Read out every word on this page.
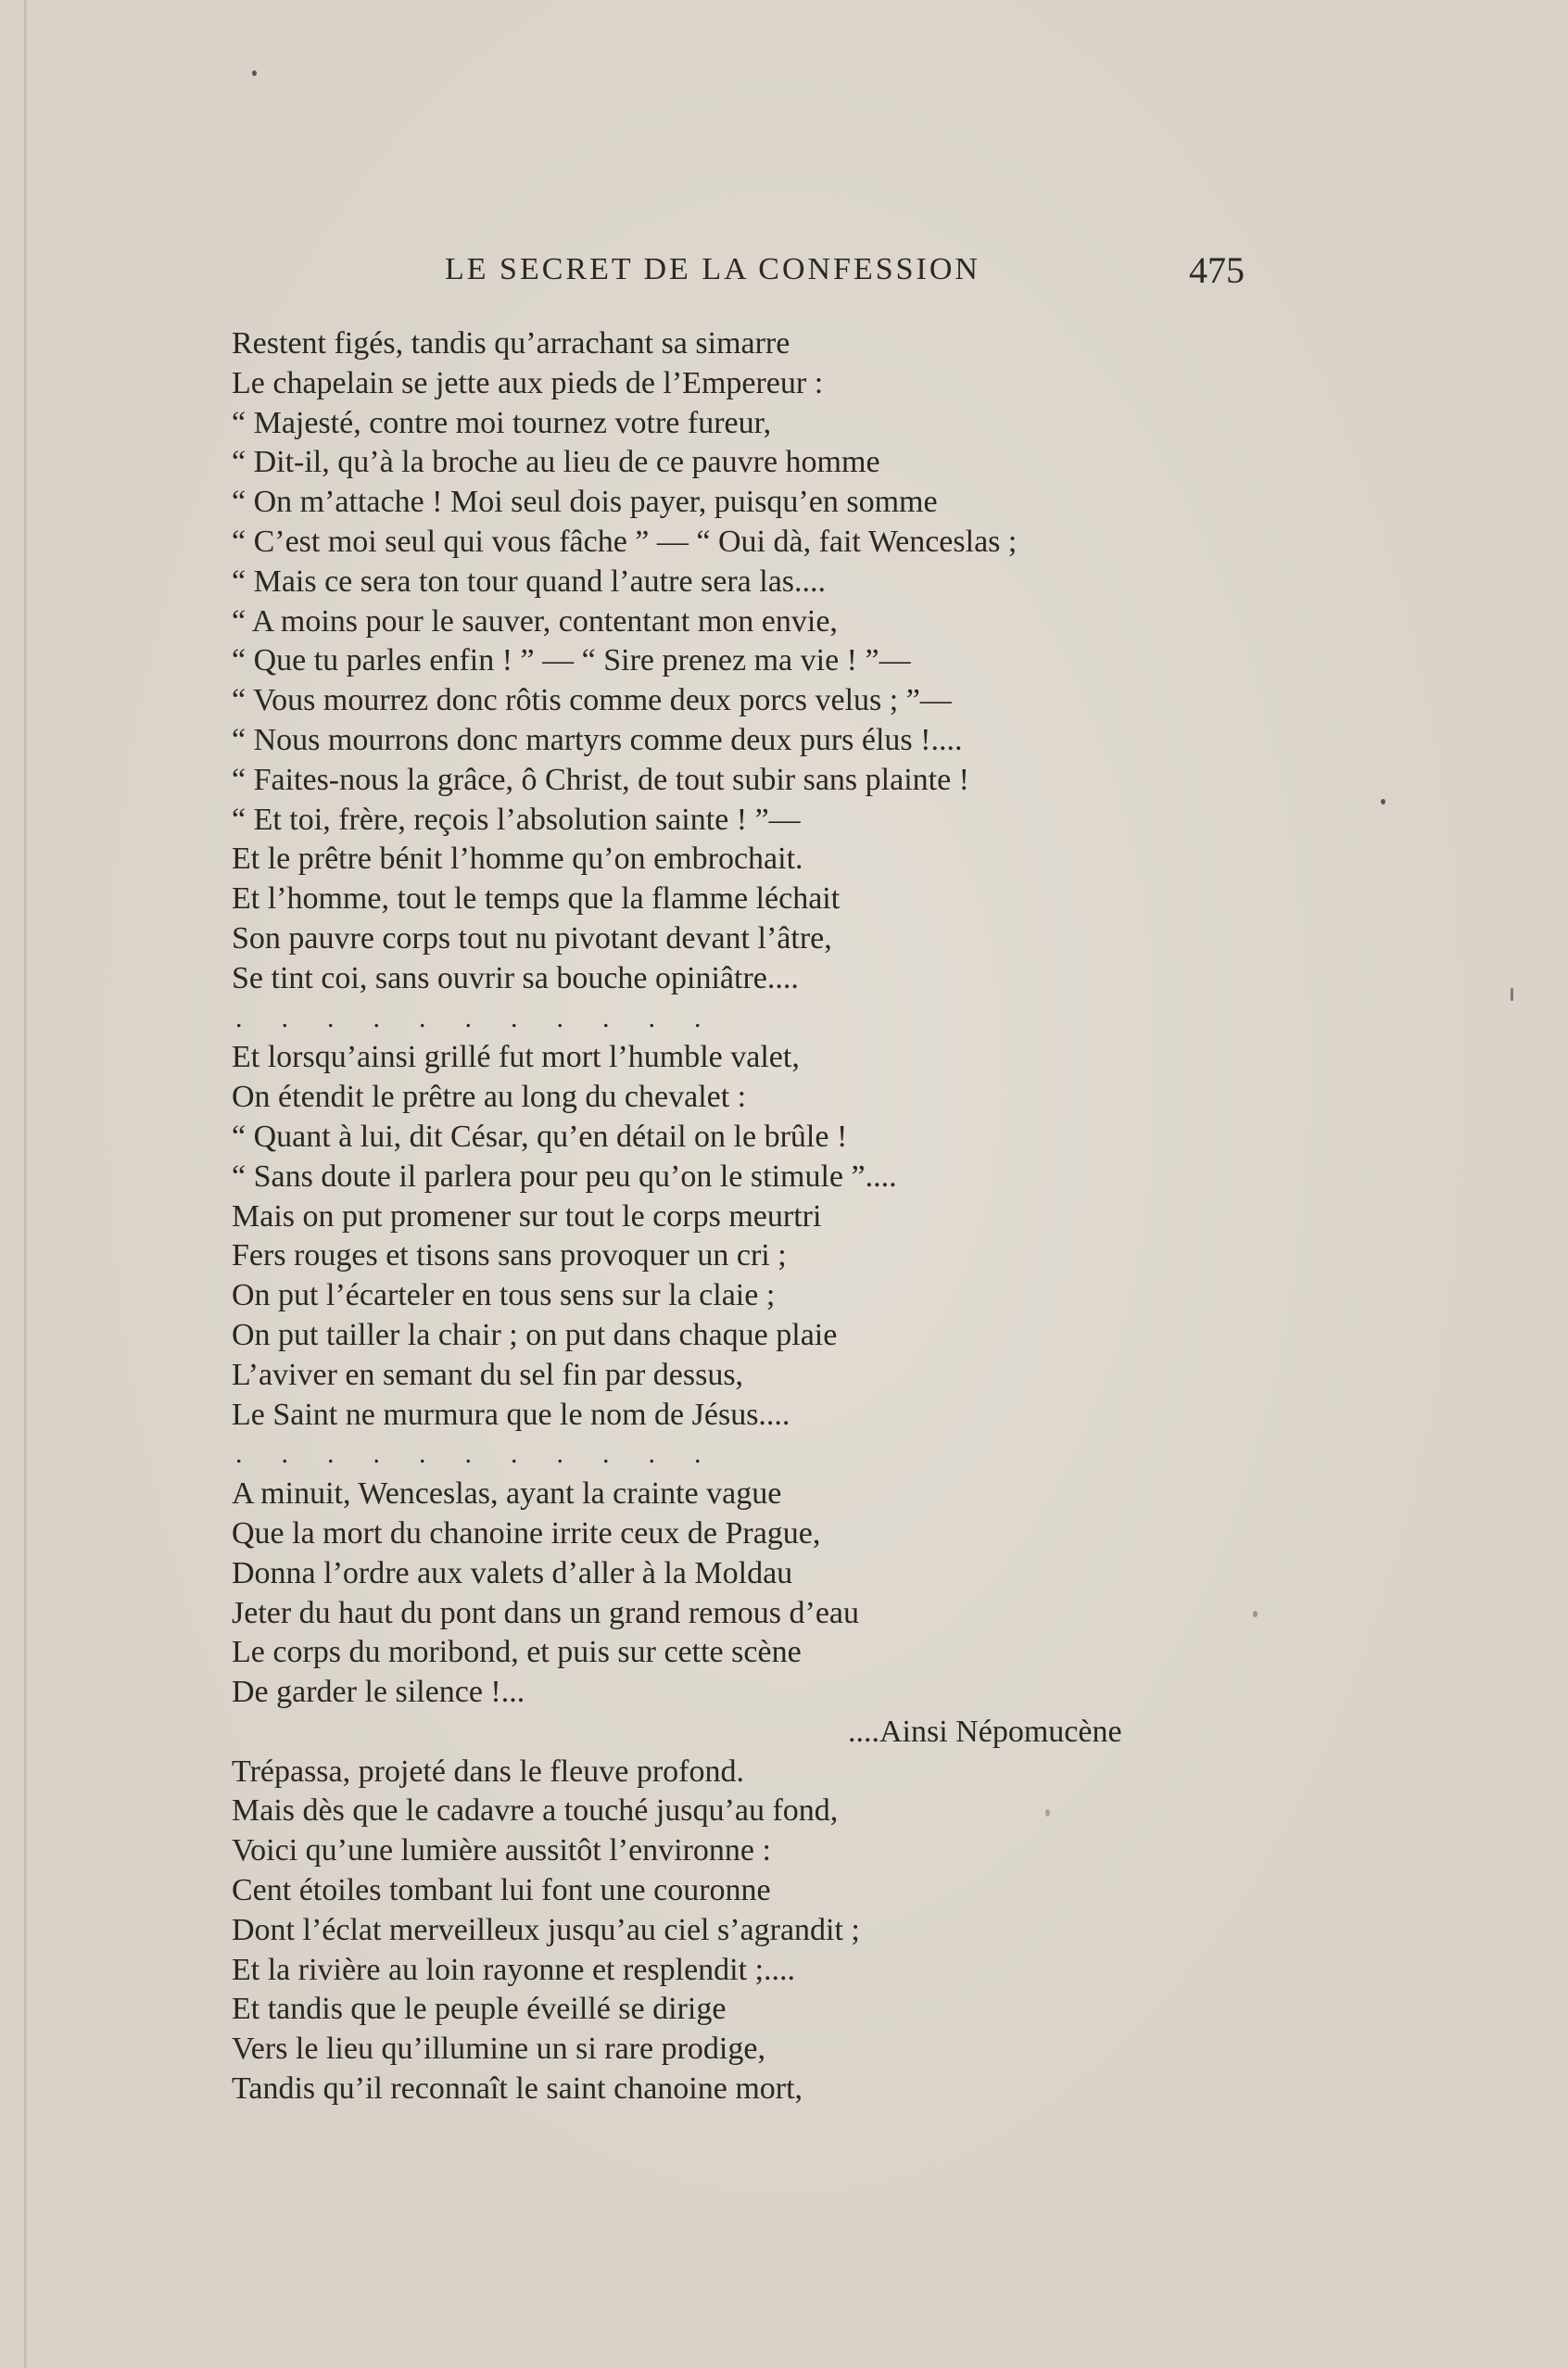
LE SECRET DE LA CONFESSION	475
Restent figés, tandis qu’arrachant sa simarre
Le chapelain se jette aux pieds de l’Empereur :
“ Majesté, contre moi tournez votre fureur,
“ Dit-il, qu’à la broche au lieu de ce pauvre homme
“ On m’attache ! Moi seul dois payer, puisqu’en somme
“ C’est moi seul qui vous fâche ” — “ Oui dà, fait Wenceslas ;
“ Mais ce sera ton tour quand l’autre sera las....
“ A moins pour le sauver, contentant mon envie,
“ Que tu parles enfin ! ” — “ Sire prenez ma vie ! ”—
“ Vous mourrez donc rôtis comme deux porcs velus ; ”—
“ Nous mourrons donc martyrs comme deux purs élus !....
“ Faites-nous la grâce, ô Christ, de tout subir sans plainte !
“ Et toi, frère, reçois l’absolution sainte ! ”—
Et le prêtre bénit l’homme qu’on embrochait.
Et l’homme, tout le temps que la flamme léchait
Son pauvre corps tout nu pivotant devant l’âtre,
Se tint coi, sans ouvrir sa bouche opiniâtre....
...........
Et lorsqu’ainsi grillé fut mort l’humble valet,
On étendit le prêtre au long du chevalet :
“ Quant à lui, dit César, qu’en détail on le brûle !
“ Sans doute il parlera pour peu qu’on le stimule ”....
Mais on put promener sur tout le corps meurtri
Fers rouges et tisons sans provoquer un cri ;
On put l’écarteler en tous sens sur la claie ;
On put tailler la chair ; on put dans chaque plaie
L’aviver en semant du sel fin par dessus,
Le Saint ne murmura que le nom de Jésus....
...........
A minuit, Wenceslas, ayant la crainte vague
Que la mort du chanoine irrite ceux de Prague,
Donna l’ordre aux valets d’aller à la Moldau
Jeter du haut du pont dans un grand remous d’eau
Le corps du moribond, et puis sur cette scène
De garder le silence !...
....Ainsi Népomucène
Trépassa, projeté dans le fleuve profond.
Mais dès que le cadavre a touché jusqu’au fond,
Voici qu’une lumière aussitôt l’environne :
Cent étoiles tombant lui font une couronne
Dont l’éclat merveilleux jusqu’au ciel s’agrandit ;
Et la rivière au loin rayonne et resplendit ;....
Et tandis que le peuple éveillé se dirige
Vers le lieu qu’illumine un si rare prodige,
Tandis qu’il reconnaît le saint chanoine mort,
